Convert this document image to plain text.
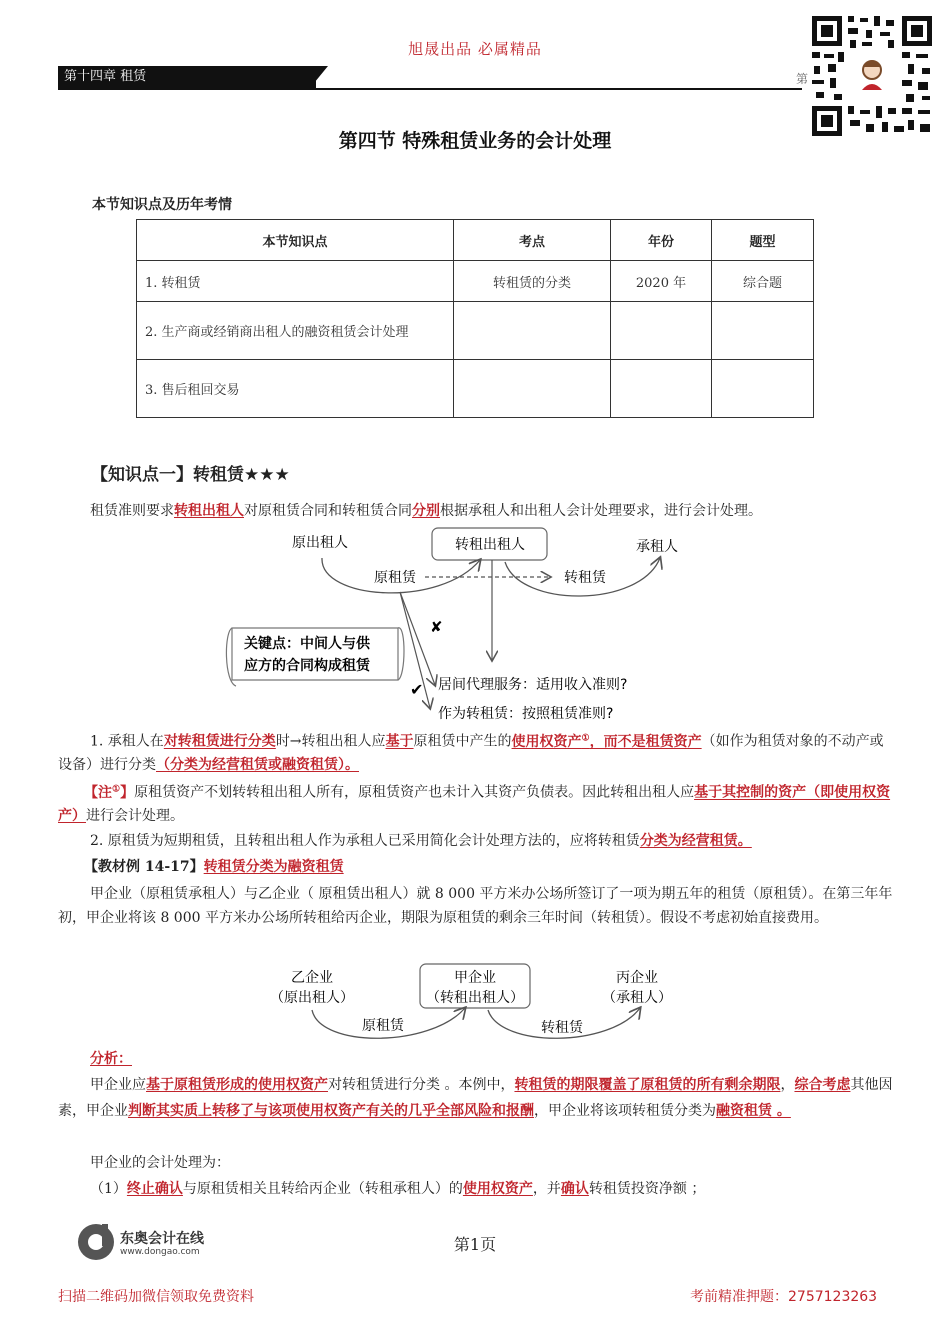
旭晟出品 必属精品
第十四章 租赁	第
第四节 特殊租赁业务的会计处理
本节知识点及历年考情
本节知识点	考点	年份	题型
1. 转租赁	转租赁的分类	2020 年	综合题
2. 生产商或经销商出租人的融资租赁会计处理			
3. 售后租回交易			
【知识点一】转租赁★★★
租赁准则要求转租出租人对原租赁合同和转租赁合同分别根据承租人和出租人会计处理要求，进行会计处理。
转租出租人
原出租人	承租人
原租赁	转租赁
✘
✔
关键点：中间人与供
应方的合同构成租赁
居间代理服务：适用收入准则?
作为转租赁：按照租赁准则?
1. 承租人在对转租赁进行分类时→转租出租人应基于原租赁中产生的使用权资产①，而不是租赁资产（如作为租赁对象的不动产或设备）进行分类（分类为经营租赁或融资租赁）。
【注①】原租赁资产不划转转租出租人所有，原租赁资产也未计入其资产负债表。因此转租出租人应基于其控制的资产（即使用权资产）进行会计处理。
2. 原租赁为短期租赁，且转租出租人作为承租人已采用简化会计处理方法的，应将转租赁分类为经营租赁。
【教材例 14-17】转租赁分类为融资租赁
甲企业（原租赁承租人）与乙企业（ 原租赁出租人）就 8 000 平方米办公场所签订了一项为期五年的租赁（原租赁）。在第三年年初，甲企业将该 8 000 平方米办公场所转租给丙企业，期限为原租赁的剩余三年时间（转租赁）。假设不考虑初始直接费用。
乙企业
（原出租人）
甲企业
（转租出租人）
丙企业
（承租人）
原租赁	转租赁
分析：
甲企业应基于原租赁形成的使用权资产对转租赁进行分类 。本例中，转租赁的期限覆盖了原租赁的所有剩余期限，综合考虑其他因素，甲企业判断其实质上转移了与该项使用权资产有关的几乎全部风险和报酬，甲企业将该项转租赁分类为融资租赁 。
甲企业的会计处理为：
（1）终止确认与原租赁相关且转给丙企业（转租承租人）的使用权资产，并确认转租赁投资净额 ；
东奥会计在线
www.dongao.com	第1页
扫描二维码加微信领取免费资料	考前精准押题：2757123263
